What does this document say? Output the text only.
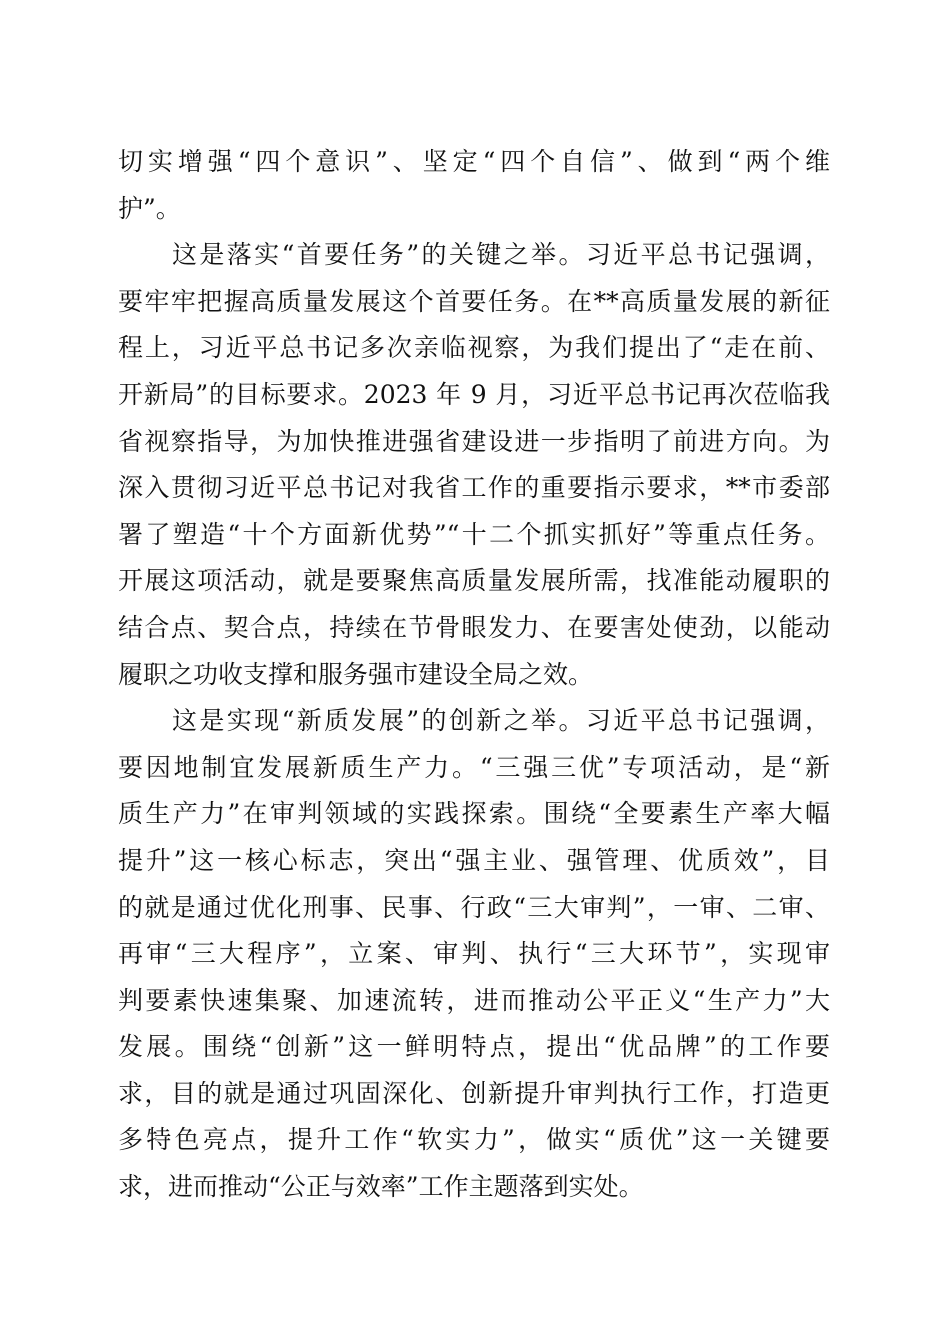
切实增强“四个意识”、坚定“四个自信”、做到“两个维
护”。
这是落实“首要任务”的关键之举。习近平总书记强调，
要牢牢把握高质量发展这个首要任务。在**高质量发展的新征
程上，习近平总书记多次亲临视察，为我们提出了“走在前、
开新局”的目标要求。2023 年 9 月，习近平总书记再次莅临我
省视察指导，为加快推进强省建设进一步指明了前进方向。为
深入贯彻习近平总书记对我省工作的重要指示要求，**市委部
署了塑造“十个方面新优势”“十二个抓实抓好”等重点任务。
开展这项活动，就是要聚焦高质量发展所需，找准能动履职的
结合点、契合点，持续在节骨眼发力、在要害处使劲，以能动
履职之功收支撑和服务强市建设全局之效。
这是实现“新质发展”的创新之举。习近平总书记强调，
要因地制宜发展新质生产力。“三强三优”专项活动，是“新
质生产力”在审判领域的实践探索。围绕“全要素生产率大幅
提升”这一核心标志，突出“强主业、强管理、优质效”，目
的就是通过优化刑事、民事、行政“三大审判”，一审、二审、
再审“三大程序”，立案、审判、执行“三大环节”，实现审
判要素快速集聚、加速流转，进而推动公平正义“生产力”大
发展。围绕“创新”这一鲜明特点，提出“优品牌”的工作要
求，目的就是通过巩固深化、创新提升审判执行工作，打造更
多特色亮点，提升工作“软实力”，做实“质优”这一关键要
求，进而推动“公正与效率”工作主题落到实处。
